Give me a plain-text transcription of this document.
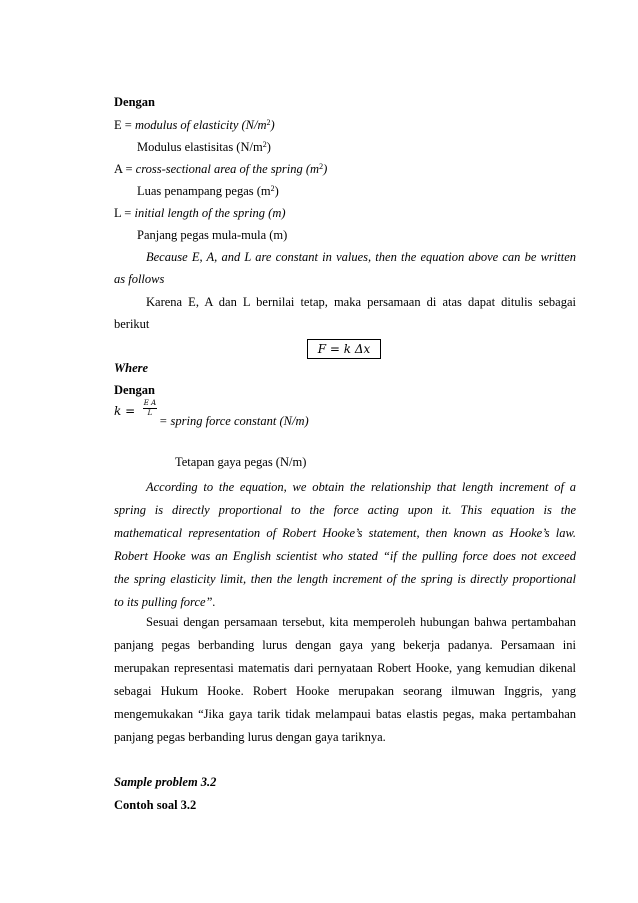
Dengan
E = modulus of elasticity $(N/m^2)$
Modulus elastisitas $(N/m^2)$
A = cross-sectional area of the spring $(m^2)$
Luas penampang pegas $(m^2)$
L = initial length of the spring (m)
Panjang pegas mula-mula (m)
Because E, A, and L are constant in values, then the equation above can be written
as follows
Karena E, A dan L bernilai tetap, maka persamaan di atas dapat ditulis sebagai
berikut
F = k Δx
Where
Dengan
$k = \frac{\text{E A}}{L}$
= spring force constant (N/m)
Tetapan gaya pegas (N/m)
According to the equation, we obtain the relationship that length increment of a
spring is directly proportional to the force acting upon it. This equation is the
mathematical representation of Robert Hooke’s statement, then known as Hooke’s law.
Robert Hooke was an English scientist who stated “if the pulling force does not exceed
the spring elasticity limit, then the length increment of the spring is directly proportional
to its pulling force”.
Sesuai dengan persamaan tersebut, kita memperoleh hubungan bahwa pertambahan
panjang pegas berbanding lurus dengan gaya yang bekerja padanya. Persamaan ini
merupakan representasi matematis dari pernyataan Robert Hooke, yang kemudian dikenal
sebagai Hukum Hooke. Robert Hooke merupakan seorang ilmuwan Inggris, yang
mengemukakan “Jika gaya tarik tidak melampaui batas elastis pegas, maka pertambahan
panjang pegas berbanding lurus dengan gaya tariknya.
Sample problem 3.2
Contoh soal 3.2
